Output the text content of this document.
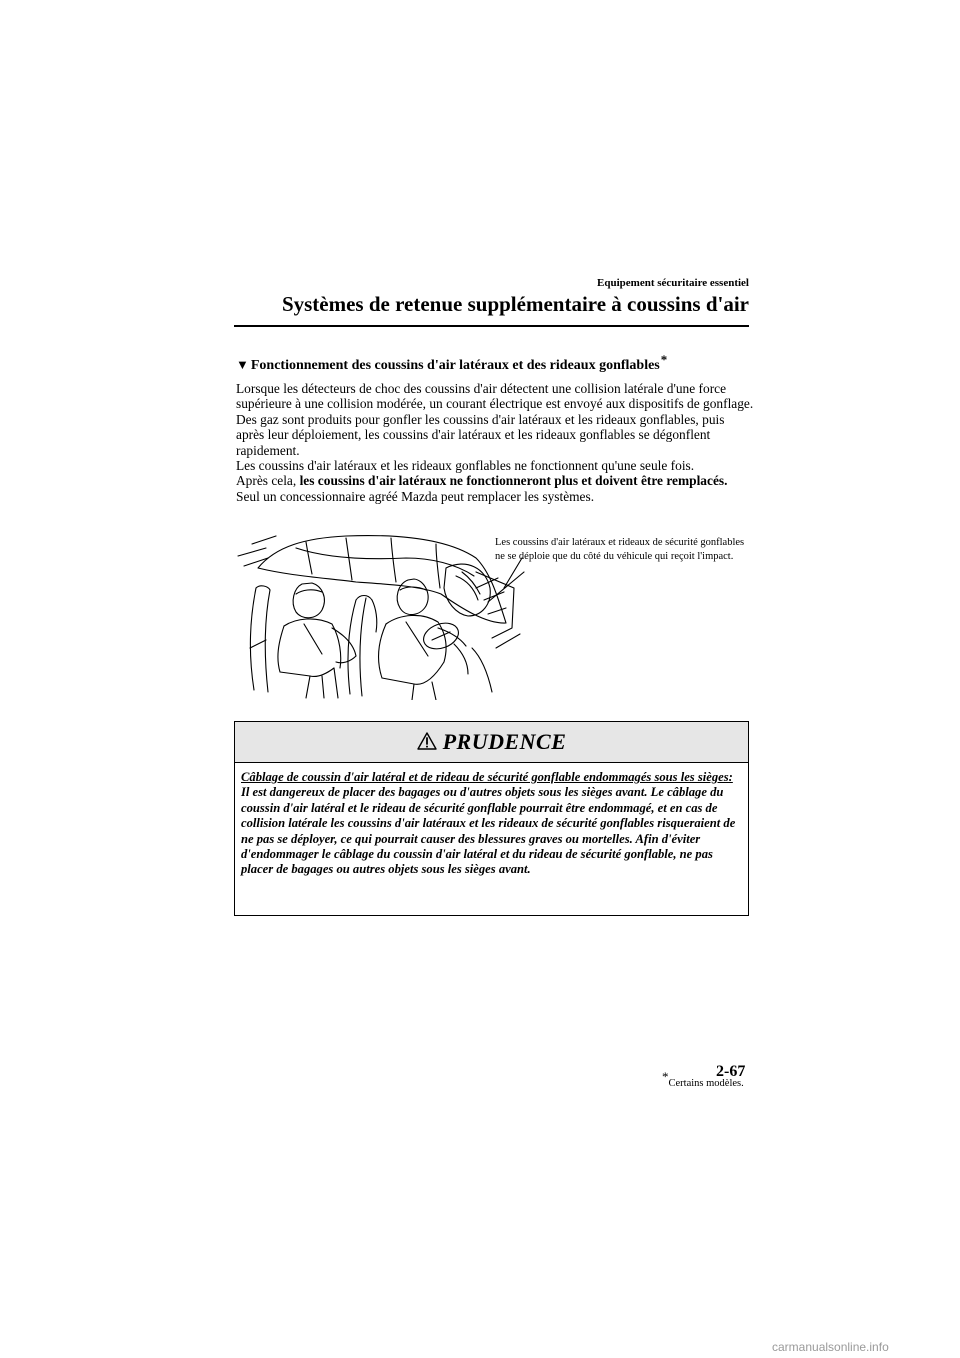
Equipement sécuritaire essentiel
Systèmes de retenue supplémentaire à coussins d'air
▼ Fonctionnement des coussins d'air latéraux et des rideaux gonflables*

Lorsque les détecteurs de choc des coussins d'air détectent une collision latérale d'une force supérieure à une collision modérée, un courant électrique est envoyé aux dispositifs de gonflage.

Des gaz sont produits pour gonfler les coussins d'air latéraux et les rideaux gonflables, puis après leur déploiement, les coussins d'air latéraux et les rideaux gonflables se dégonflent rapidement.

Les coussins d'air latéraux et les rideaux gonflables ne fonctionnent qu'une seule fois.

Après cela, les coussins d'air latéraux ne fonctionneront plus et doivent être remplacés.

Seul un concessionnaire agréé Mazda peut remplacer les systèmes.

Les coussins d'air latéraux et rideaux de sécurité gonflables ne se déploie que du côté du véhicule qui reçoit l'impact.
PRUDENCE

Câblage de coussin d'air latéral et de rideau de sécurité gonflable endommagés sous les sièges:

Il est dangereux de placer des bagages ou d'autres objets sous les sièges avant. Le câblage du coussin d'air latéral et le rideau de sécurité gonflable pourrait être endommagé, et en cas de collision latérale les coussins d'air latéraux et les rideaux de sécurité gonflables risqueraient de ne pas se déployer, ce qui pourrait causer des blessures graves ou mortelles. Afin d'éviter d'endommager le câblage du coussin d'air latéral et du rideau de sécurité gonflable, ne pas placer de bagages ou autres objets sous les sièges avant.

*Certains modèles.
2-67
carmanualsonline.info
